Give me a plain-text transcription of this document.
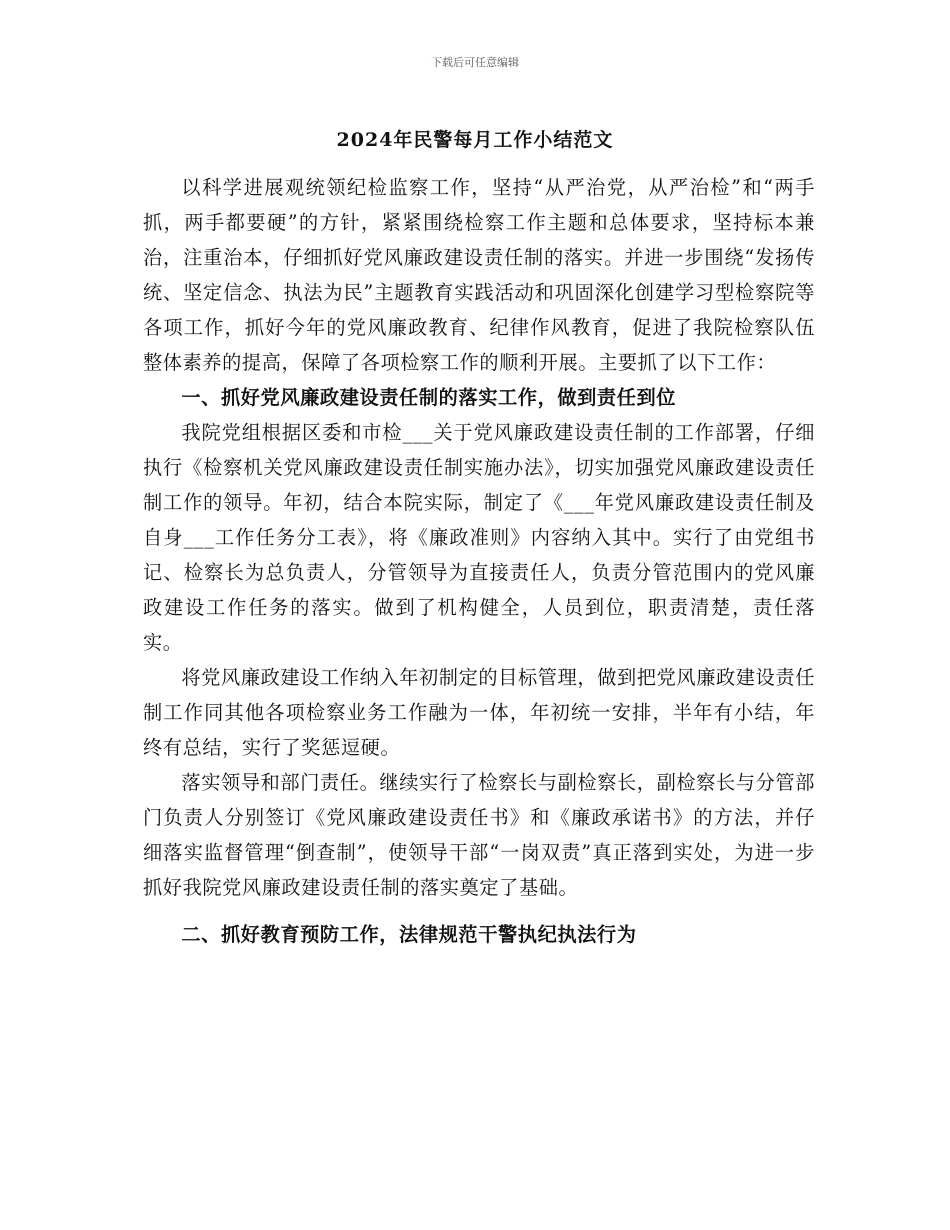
下载后可任意编辑
2024年民警每月工作小结范文

以科学进展观统领纪检监察工作，坚持“从严治党，从严治检”和“两手抓，两手都要硬”的方针，紧紧围绕检察工作主题和总体要求，坚持标本兼治，注重治本，仔细抓好党风廉政建设责任制的落实。并进一步围绕“发扬传统、坚定信念、执法为民”主题教育实践活动和巩固深化创建学习型检察院等各项工作，抓好今年的党风廉政教育、纪律作风教育，促进了我院检察队伍整体素养的提高，保障了各项检察工作的顺利开展。主要抓了以下工作：

一、抓好党风廉政建设责任制的落实工作，做到责任到位

我院党组根据区委和市检___关于党风廉政建设责任制的工作部署，仔细执行《检察机关党风廉政建设责任制实施办法》，切实加强党风廉政建设责任制工作的领导。年初，结合本院实际，制定了《___年党风廉政建设责任制及自身___工作任务分工表》，将《廉政准则》内容纳入其中。实行了由党组书记、检察长为总负责人，分管领导为直接责任人，负责分管范围内的党风廉政建设工作任务的落实。做到了机构健全，人员到位，职责清楚，责任落实。

将党风廉政建设工作纳入年初制定的目标管理，做到把党风廉政建设责任制工作同其他各项检察业务工作融为一体，年初统一安排，半年有小结，年终有总结，实行了奖惩逗硬。

落实领导和部门责任。继续实行了检察长与副检察长，副检察长与分管部门负责人分别签订《党风廉政建设责任书》和《廉政承诺书》的方法，并仔细落实监督管理“倒查制”，使领导干部“一岗双责”真正落到实处，为进一步抓好我院党风廉政建设责任制的落实奠定了基础。

二、抓好教育预防工作，法律规范干警执纪执法行为
